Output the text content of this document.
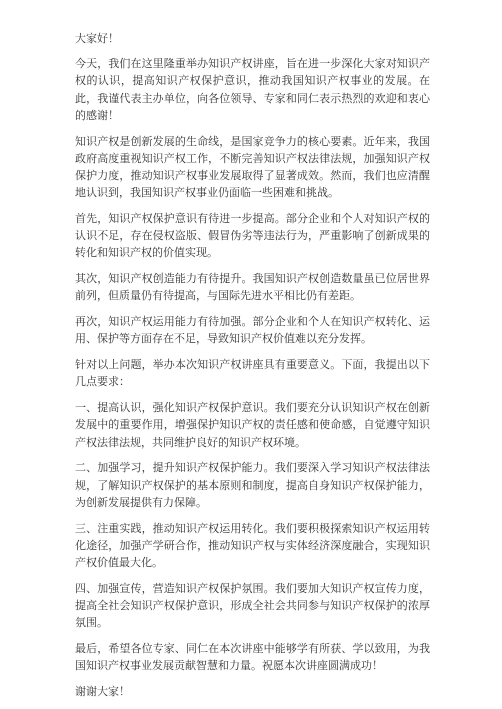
大家好！

今天，我们在这里隆重举办知识产权讲座，旨在进一步深化大家对知识产权的认识，提高知识产权保护意识，推动我国知识产权事业的发展。在此，我谨代表主办单位，向各位领导、专家和同仁表示热烈的欢迎和衷心的感谢！

知识产权是创新发展的生命线，是国家竞争力的核心要素。近年来，我国政府高度重视知识产权工作，不断完善知识产权法律法规，加强知识产权保护力度，推动知识产权事业发展取得了显著成效。然而，我们也应清醒地认识到，我国知识产权事业仍面临一些困难和挑战。

首先，知识产权保护意识有待进一步提高。部分企业和个人对知识产权的认识不足，存在侵权盗版、假冒伪劣等违法行为，严重影响了创新成果的转化和知识产权的价值实现。

其次，知识产权创造能力有待提升。我国知识产权创造数量虽已位居世界前列，但质量仍有待提高，与国际先进水平相比仍有差距。

再次，知识产权运用能力有待加强。部分企业和个人在知识产权转化、运用、保护等方面存在不足，导致知识产权价值难以充分发挥。

针对以上问题，举办本次知识产权讲座具有重要意义。下面，我提出以下几点要求：

一、提高认识，强化知识产权保护意识。我们要充分认识知识产权在创新发展中的重要作用，增强保护知识产权的责任感和使命感，自觉遵守知识产权法律法规，共同维护良好的知识产权环境。

二、加强学习，提升知识产权保护能力。我们要深入学习知识产权法律法规，了解知识产权保护的基本原则和制度，提高自身知识产权保护能力，为创新发展提供有力保障。

三、注重实践，推动知识产权运用转化。我们要积极探索知识产权运用转化途径，加强产学研合作，推动知识产权与实体经济深度融合，实现知识产权价值最大化。

四、加强宣传，营造知识产权保护氛围。我们要加大知识产权宣传力度，提高全社会知识产权保护意识，形成全社会共同参与知识产权保护的浓厚氛围。

最后，希望各位专家、同仁在本次讲座中能够学有所获、学以致用，为我国知识产权事业发展贡献智慧和力量。祝愿本次讲座圆满成功！

谢谢大家！
